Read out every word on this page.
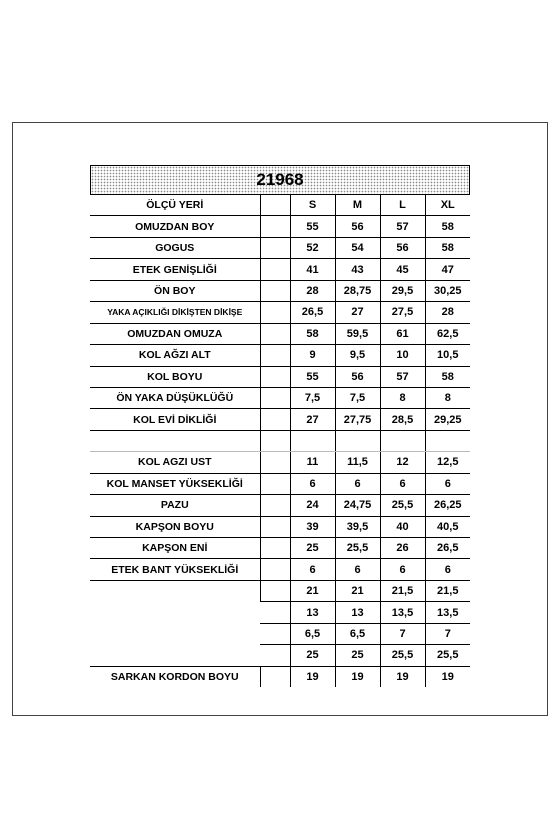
21968
ÖLÇÜ YERİ		S	M	L	XL
OMUZDAN BOY		55	56	57	58
GOGUS		52	54	56	58
ETEK GENİŞLİĞİ		41	43	45	47
ÖN BOY		28	28,75	29,5	30,25
YAKA AÇIKLIĞI DİKİŞTEN DİKİŞE		26,5	27	27,5	28
OMUZDAN OMUZA		58	59,5	61	62,5
KOL AĞZI ALT		9	9,5	10	10,5
KOL BOYU		55	56	57	58
ÖN YAKA DÜŞÜKLÜĞÜ		7,5	7,5	8	8
KOL EVİ DİKLİĞİ		27	27,75	28,5	29,25

KOL AGZI UST		11	11,5	12	12,5
KOL MANSET YÜKSEKLİĞİ		6	6	6	6
PAZU		24	24,75	25,5	26,25
KAPŞON BOYU		39	39,5	40	40,5
KAPŞON ENİ		25	25,5	26	26,5
ETEK BANT YÜKSEKLİĞİ		6	6	6	6
		21	21	21,5	21,5
		13	13	13,5	13,5
		6,5	6,5	7	7
		25	25	25,5	25,5
SARKAN KORDON BOYU		19	19	19	19
